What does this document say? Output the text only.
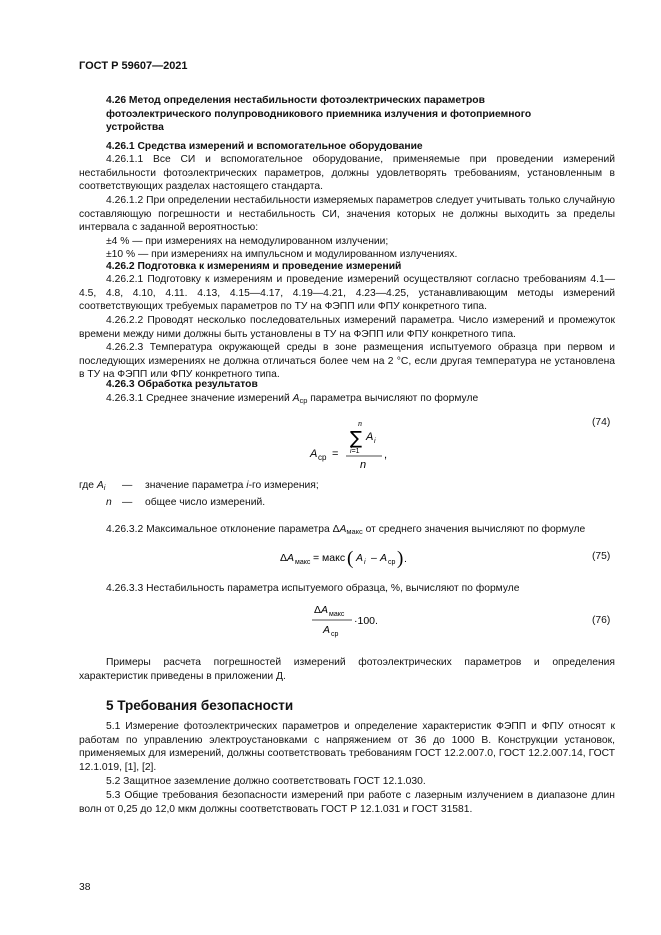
ГОСТ Р 59607—2021
4.26 Метод определения нестабильности фотоэлектрических параметров фотоэлектрического полупроводникового приемника излучения и фотоприемного устройства
4.26.1 Средства измерений и вспомогательное оборудование
4.26.1.1 Все СИ и вспомогательное оборудование, применяемые при проведении измерений нестабильности фотоэлектрических параметров, должны удовлетворять требованиям, установленным в соответствующих разделах настоящего стандарта.
4.26.1.2 При определении нестабильности измеряемых параметров следует учитывать только случайную составляющую погрешности и нестабильность СИ, значения которых не должны выходить за пределы интервала с заданной вероятностью:
±4 % — при измерениях на немодулированном излучении;
±10 % — при измерениях на импульсном и модулированном излучениях.
4.26.2 Подготовка к измерениям и проведение измерений
4.26.2.1 Подготовку к измерениям и проведение измерений осуществляют согласно требованиям 4.1—4.5, 4.8, 4.10, 4.11. 4.13, 4.15—4.17, 4.19—4.21, 4.23—4.25, устанавливающим методы измерений соответствующих требуемых параметров по ТУ на ФЭПП или ФПУ конкретного типа.
4.26.2.2 Проводят несколько последовательных измерений параметра. Число измерений и промежуток времени между ними должны быть установлены в ТУ на ФЭПП или ФПУ конкретного типа.
4.26.2.3 Температура окружающей среды в зоне размещения испытуемого образца при первом и последующих измерениях не должна отличаться более чем на 2 °С, если другая температура не установлена в ТУ на ФЭПП или ФПУ конкретного типа.
4.26.3 Обработка результатов
4.26.3.1 Среднее значение измерений $A_{ср}$ параметра вычисляют по формуле
n
∑ A i
i=1 ,
n
A ср =
(74)
где $A_i$ — значение параметра i-го измерения;
n — общее число измерений.
4.26.3.2 Максимальное отклонение параметра $\Delta A_{макс}$ от среднего значения вычисляют по формуле
ΔA макс = макс ( A i – A ср ) .	(75)
4.26.3.3 Нестабильность параметра испытуемого образца, %, вычисляют по формуле
ΔA макс
·100.
A ср
(76)
Примеры расчета погрешностей измерений фотоэлектрических параметров и определения характеристик приведены в приложении Д.
5 Требования безопасности
5.1 Измерение фотоэлектрических параметров и определение характеристик ФЭПП и ФПУ относят к работам по управлению электроустановками с напряжением от 36 до 1000 В. Конструкции установок, применяемых для измерений, должны соответствовать требованиям ГОСТ 12.2.007.0, ГОСТ 12.2.007.14, ГОСТ 12.1.019, [1], [2].
5.2 Защитное заземление должно соответствовать ГОСТ 12.1.030.
5.3 Общие требования безопасности измерений при работе с лазерным излучением в диапазоне длин волн от 0,25 до 12,0 мкм должны соответствовать ГОСТ Р 12.1.031 и ГОСТ 31581.
38
